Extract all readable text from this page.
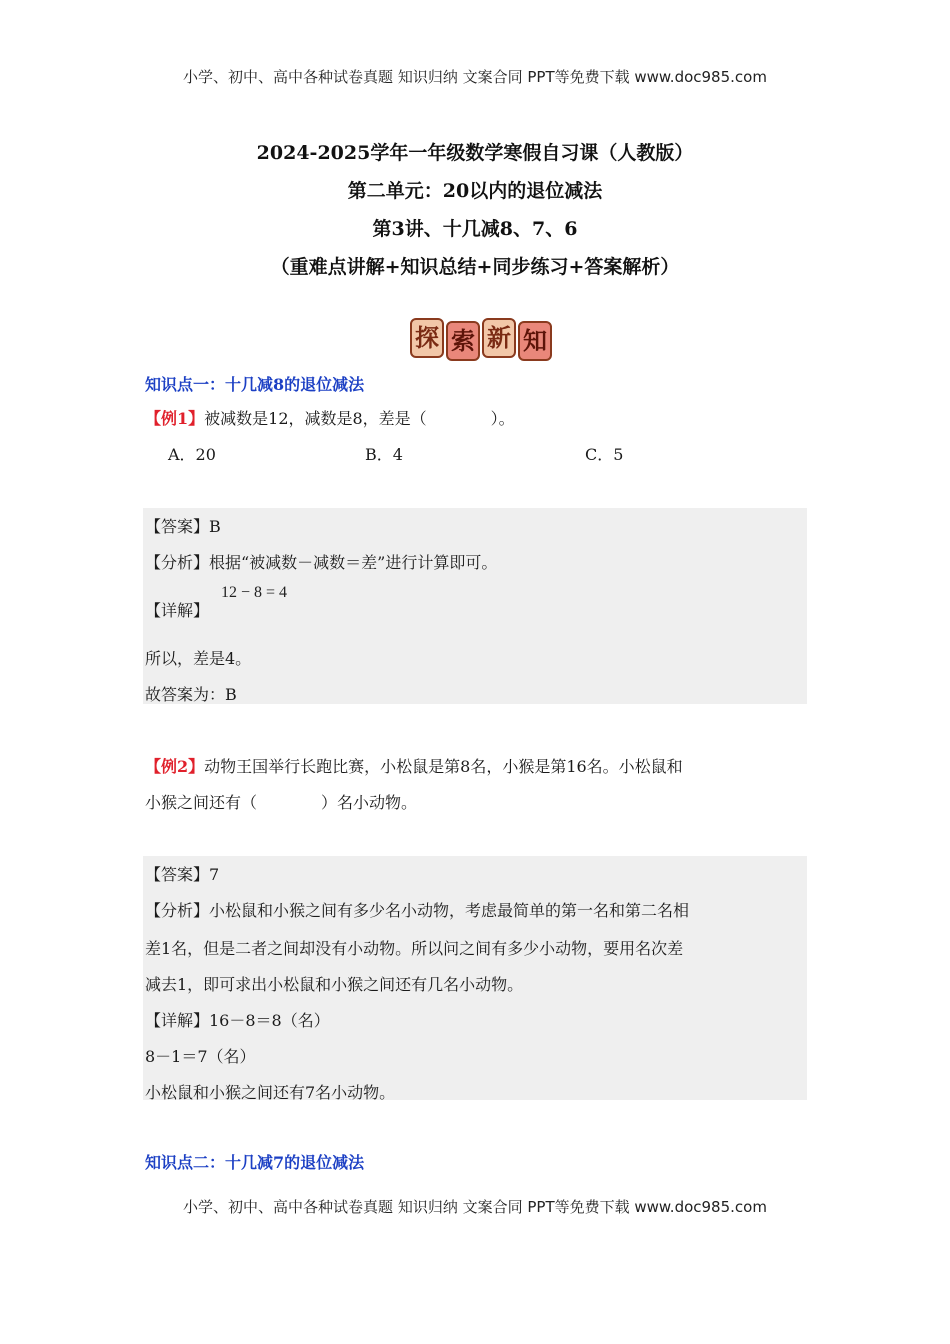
小学、初中、高中各种试卷真题 知识归纳 文案合同 PPT等免费下载 www.doc985.com
2024-2025学年一年级数学寒假自习课（人教版）
第二单元：20以内的退位减法
第3讲、十几减8、7、6
（重难点讲解+知识总结+同步练习+答案解析）
探 索 新 知
知识点一：十几减8的退位减法
【例1】被减数是12，减数是8，差是（　　　　）。
A．20	B．4	C．5
【答案】B
【分析】根据“被减数－减数＝差”进行计算即可。
12 − 8 = 4
【详解】
所以，差是4。
故答案为：B
【例2】动物王国举行长跑比赛，小松鼠是第8名，小猴是第16名。小松鼠和
小猴之间还有（　　　　）名小动物。
【答案】7
【分析】小松鼠和小猴之间有多少名小动物，考虑最简单的第一名和第二名相
差1名，但是二者之间却没有小动物。所以问之间有多少小动物，要用名次差
减去1，即可求出小松鼠和小猴之间还有几名小动物。
【详解】16－8＝8（名）
8－1＝7（名）
小松鼠和小猴之间还有7名小动物。
知识点二：十几减7的退位减法
小学、初中、高中各种试卷真题 知识归纳 文案合同 PPT等免费下载 www.doc985.com
